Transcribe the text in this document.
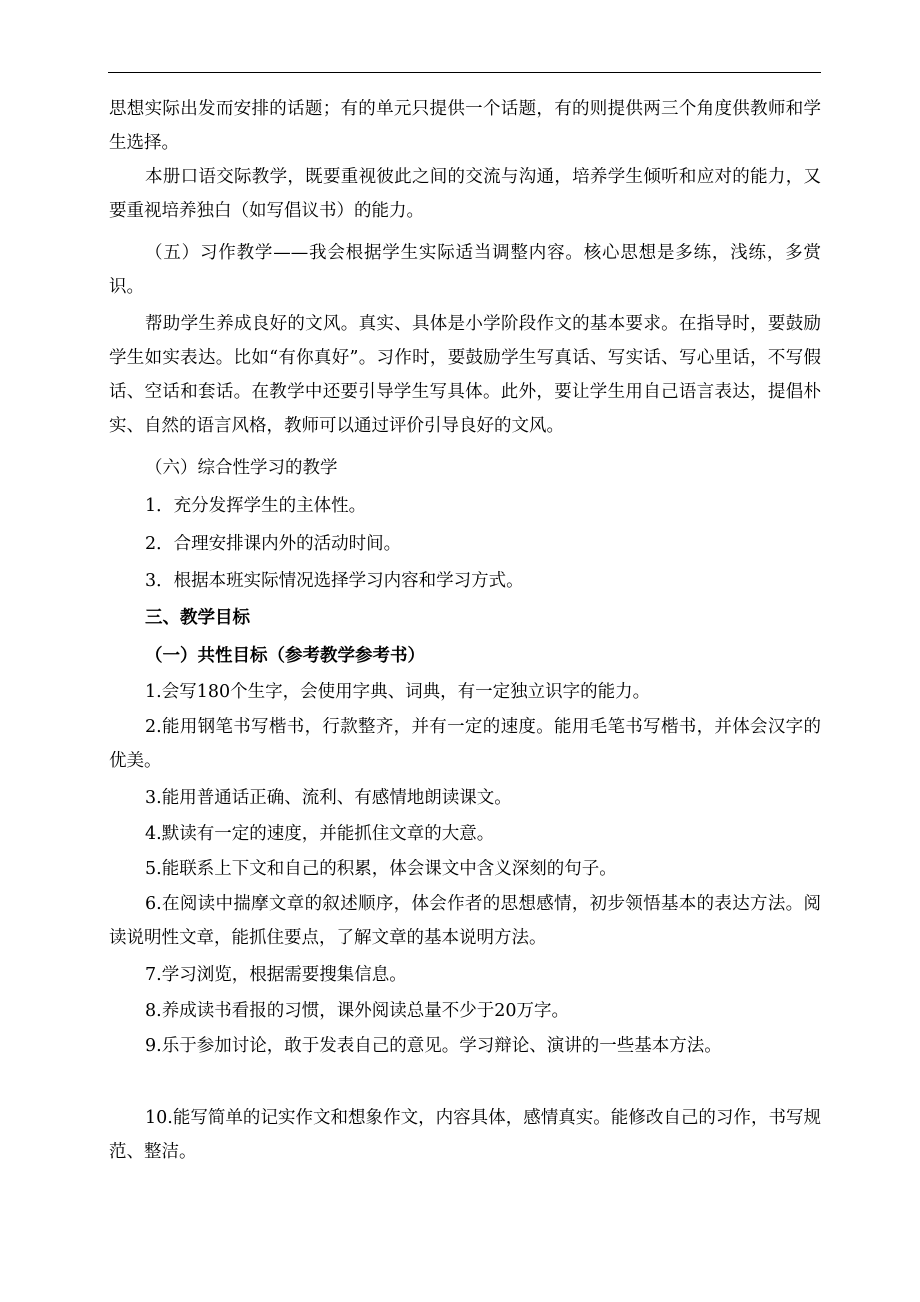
思想实际出发而安排的话题；有的单元只提供一个话题，有的则提供两三个角度供教师和学生选择。

本册口语交际教学，既要重视彼此之间的交流与沟通，培养学生倾听和应对的能力，又要重视培养独白（如写倡议书）的能力。

（五）习作教学——我会根据学生实际适当调整内容。核心思想是多练，浅练，多赏识。

帮助学生养成良好的文风。真实、具体是小学阶段作文的基本要求。在指导时，要鼓励学生如实表达。比如“有你真好”。习作时，要鼓励学生写真话、写实话、写心里话，不写假话、空话和套话。在教学中还要引导学生写具体。此外，要让学生用自己语言表达，提倡朴实、自然的语言风格，教师可以通过评价引导良好的文风。

（六）综合性学习的教学

1．充分发挥学生的主体性。

2．合理安排课内外的活动时间。

3．根据本班实际情况选择学习内容和学习方式。

三、教学目标

（一）共性目标（参考教学参考书）

1.会写180个生字，会使用字典、词典，有一定独立识字的能力。

2.能用钢笔书写楷书，行款整齐，并有一定的速度。能用毛笔书写楷书，并体会汉字的优美。

3.能用普通话正确、流利、有感情地朗读课文。

4.默读有一定的速度，并能抓住文章的大意。

5.能联系上下文和自己的积累，体会课文中含义深刻的句子。

6.在阅读中揣摩文章的叙述顺序，体会作者的思想感情，初步领悟基本的表达方法。阅读说明性文章，能抓住要点，了解文章的基本说明方法。

7.学习浏览，根据需要搜集信息。

8.养成读书看报的习惯，课外阅读总量不少于20万字。

9.乐于参加讨论，敢于发表自己的意见。学习辩论、演讲的一些基本方法。

10.能写简单的记实作文和想象作文，内容具体，感情真实。能修改自己的习作，书写规范、整洁。
